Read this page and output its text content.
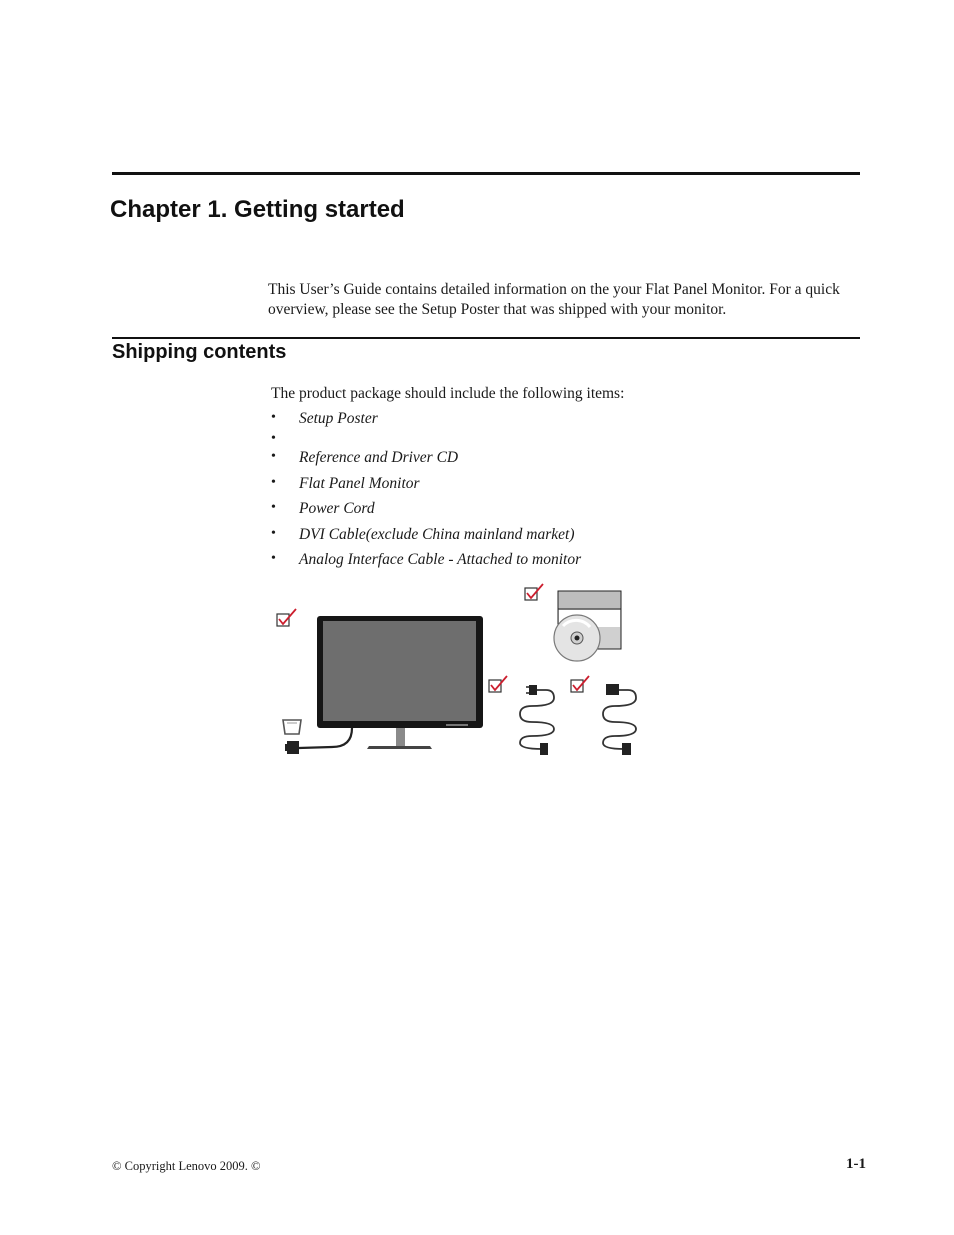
Chapter 1. Getting started

This User’s Guide contains detailed information on the your Flat Panel Monitor. For a quick overview, please see the Setup Poster that was shipped with your monitor.

Shipping contents

The product package should include the following items:

• Setup Poster
•
• Reference and Driver CD
• Flat Panel Monitor
• Power Cord
• DVI Cable(exclude China mainland market)
• Analog Interface Cable - Attached to monitor
© Copyright Lenovo 2009. ©	1-1
